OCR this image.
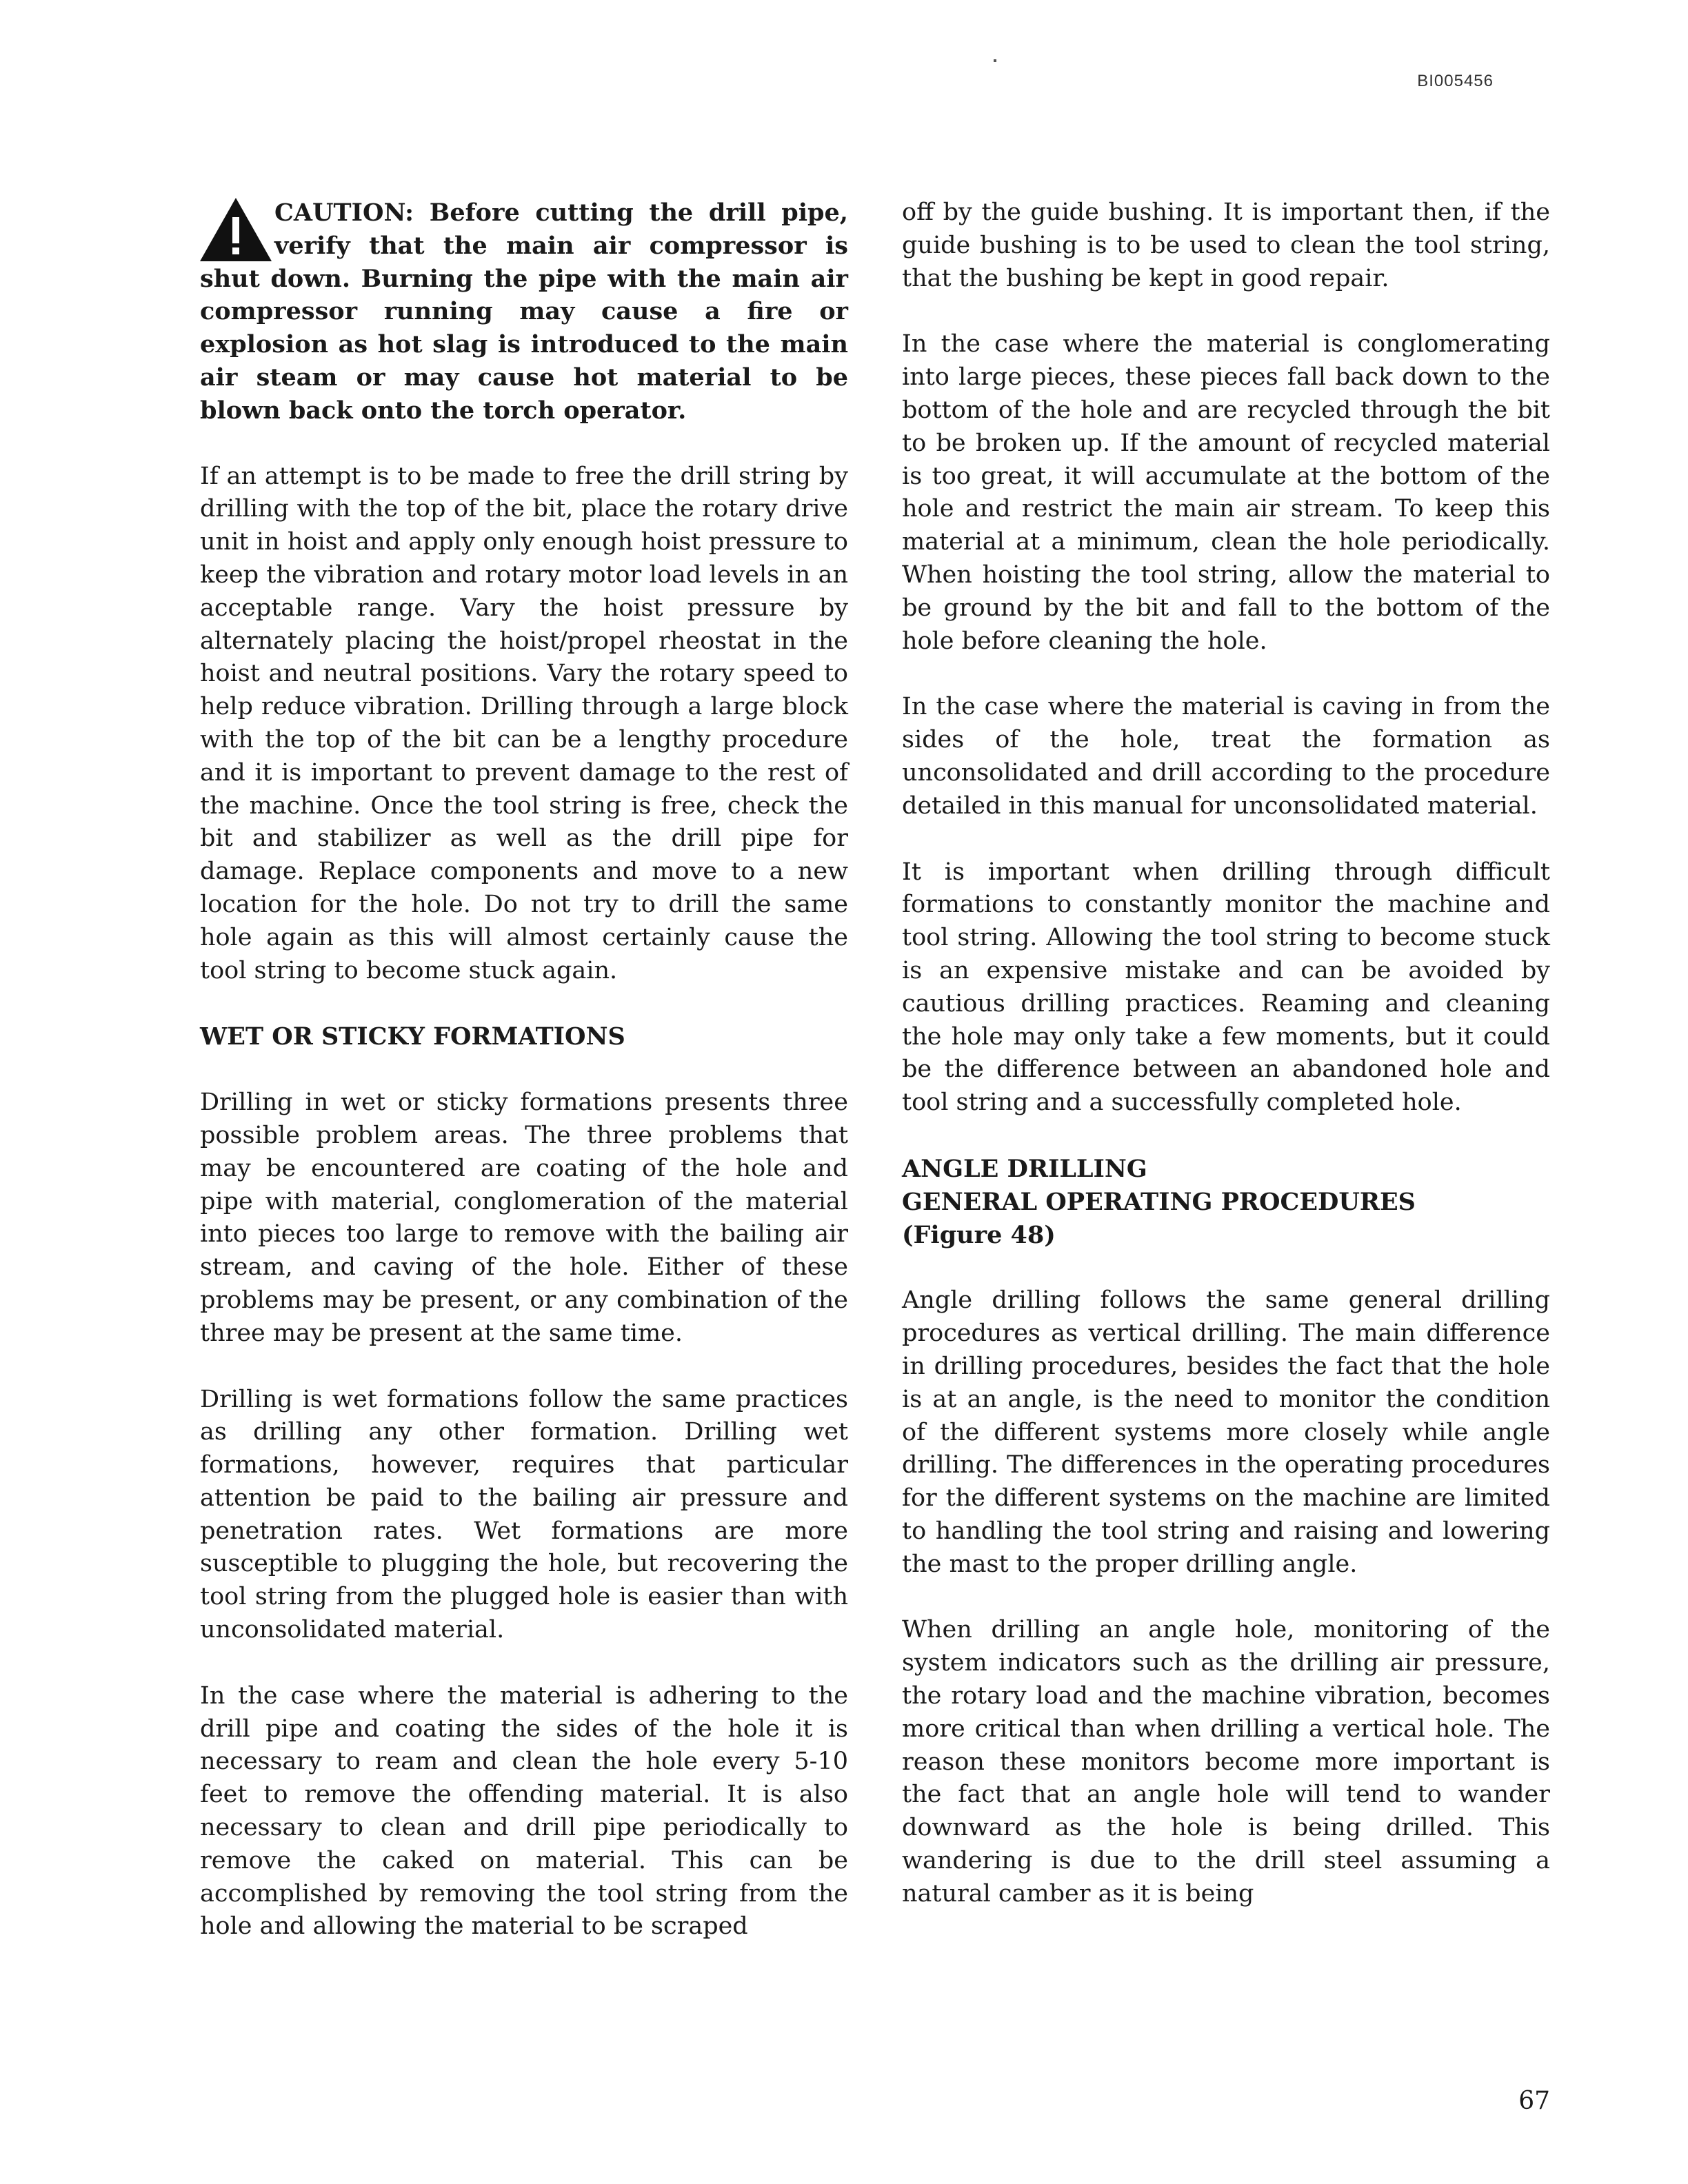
BI005456
CAUTION: Before cutting the drill pipe, verify that the main air compressor is shut down. Burning the pipe with the main air compressor running may cause a fire or explosion as hot slag is introduced to the main air steam or may cause hot material to be blown back onto the torch operator.

If an attempt is to be made to free the drill string by drilling with the top of the bit, place the rotary drive unit in hoist and apply only enough hoist pressure to keep the vibration and rotary motor load levels in an acceptable range. Vary the hoist pressure by alternately placing the hoist/propel rheostat in the hoist and neutral positions. Vary the rotary speed to help reduce vibration. Drilling through a large block with the top of the bit can be a lengthy procedure and it is important to prevent damage to the rest of the machine. Once the tool string is free, check the bit and stabilizer as well as the drill pipe for damage. Replace components and move to a new location for the hole. Do not try to drill the same hole again as this will almost certainly cause the tool string to become stuck again.

WET OR STICKY FORMATIONS

Drilling in wet or sticky formations presents three possible problem areas. The three problems that may be encountered are coating of the hole and pipe with material, conglomeration of the material into pieces too large to remove with the bailing air stream, and caving of the hole. Either of these problems may be present, or any combination of the three may be present at the same time.

Drilling is wet formations follow the same practices as drilling any other formation. Drilling wet formations, however, requires that particular attention be paid to the bailing air pressure and penetration rates. Wet formations are more susceptible to plugging the hole, but recovering the tool string from the plugged hole is easier than with unconsolidated material.

In the case where the material is adhering to the drill pipe and coating the sides of the hole it is necessary to ream and clean the hole every 5-10 feet to remove the offending material. It is also necessary to clean and drill pipe periodically to remove the caked on material. This can be accomplished by removing the tool string from the hole and allowing the material to be scraped

off by the guide bushing. It is important then, if the guide bushing is to be used to clean the tool string, that the bushing be kept in good repair.

In the case where the material is conglomerating into large pieces, these pieces fall back down to the bottom of the hole and are recycled through the bit to be broken up. If the amount of recycled material is too great, it will accumulate at the bottom of the hole and restrict the main air stream. To keep this material at a minimum, clean the hole periodically. When hoisting the tool string, allow the material to be ground by the bit and fall to the bottom of the hole before cleaning the hole.

In the case where the material is caving in from the sides of the hole, treat the formation as unconsolidated and drill according to the procedure detailed in this manual for unconsolidated material.

It is important when drilling through difficult formations to constantly monitor the machine and tool string. Allowing the tool string to become stuck is an expensive mistake and can be avoided by cautious drilling practices. Reaming and cleaning the hole may only take a few moments, but it could be the difference between an abandoned hole and tool string and a successfully completed hole.

ANGLE DRILLING
GENERAL OPERATING PROCEDURES
(Figure 48)

Angle drilling follows the same general drilling procedures as vertical drilling. The main difference in drilling procedures, besides the fact that the hole is at an angle, is the need to monitor the condition of the different systems more closely while angle drilling. The differences in the operating procedures for the different systems on the machine are limited to handling the tool string and raising and lowering the mast to the proper drilling angle.

When drilling an angle hole, monitoring of the system indicators such as the drilling air pressure, the rotary load and the machine vibration, becomes more critical than when drilling a vertical hole. The reason these monitors become more important is the fact that an angle hole will tend to wander downward as the hole is being drilled. This wandering is due to the drill steel assuming a natural camber as it is being

67
